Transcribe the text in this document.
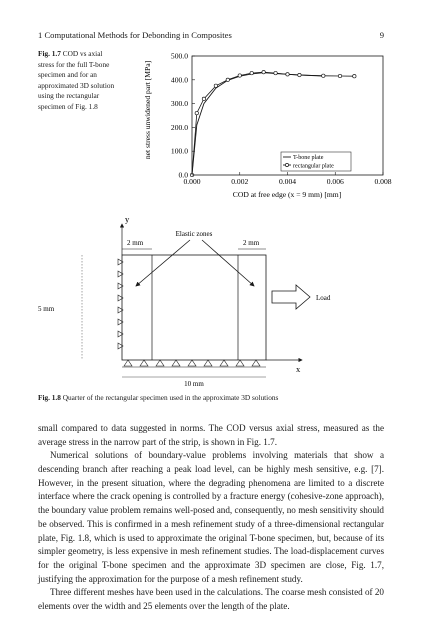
1 Computational Methods for Debonding in Composites	9
Fig. 1.7 COD vs axial stress for the full T-bone specimen and for an approximated 3D solution using the rectangular specimen of Fig. 1.8
0.0
100.0
200.0
300.0
400.0
500.0
0.000	0.002	0.004	0.006	0.008
net stress unwidened part [MPa]
COD at free edge (x = 9 mm) [mm]
T-bone plate
rectangular plate
y
2 mm	2 mm
Elastic zones
x
5 mm
10 mm
Load
Fig. 1.8 Quarter of the rectangular specimen used in the approximate 3D solutions

small compared to data suggested in norms. The COD versus axial stress, measured as the average stress in the narrow part of the strip, is shown in Fig. 1.7.

Numerical solutions of boundary-value problems involving materials that show a descending branch after reaching a peak load level, can be highly mesh sensitive, e.g. [7]. However, in the present situation, where the degrading phenomena are limited to a discrete interface where the crack opening is controlled by a fracture energy (cohesive-zone approach), the boundary value problem remains well-posed and, consequently, no mesh sensitivity should be observed. This is confirmed in a mesh refinement study of a three-dimensional rectangular plate, Fig. 1.8, which is used to approximate the original T-bone specimen, but, because of its simpler geometry, is less expensive in mesh refinement studies. The load-displacement curves for the original T-bone specimen and the approximate 3D specimen are close, Fig. 1.7, justifying the approximation for the purpose of a mesh refinement study.

Three different meshes have been used in the calculations. The coarse mesh consisted of 20 elements over the width and 25 elements over the length of the plate.
